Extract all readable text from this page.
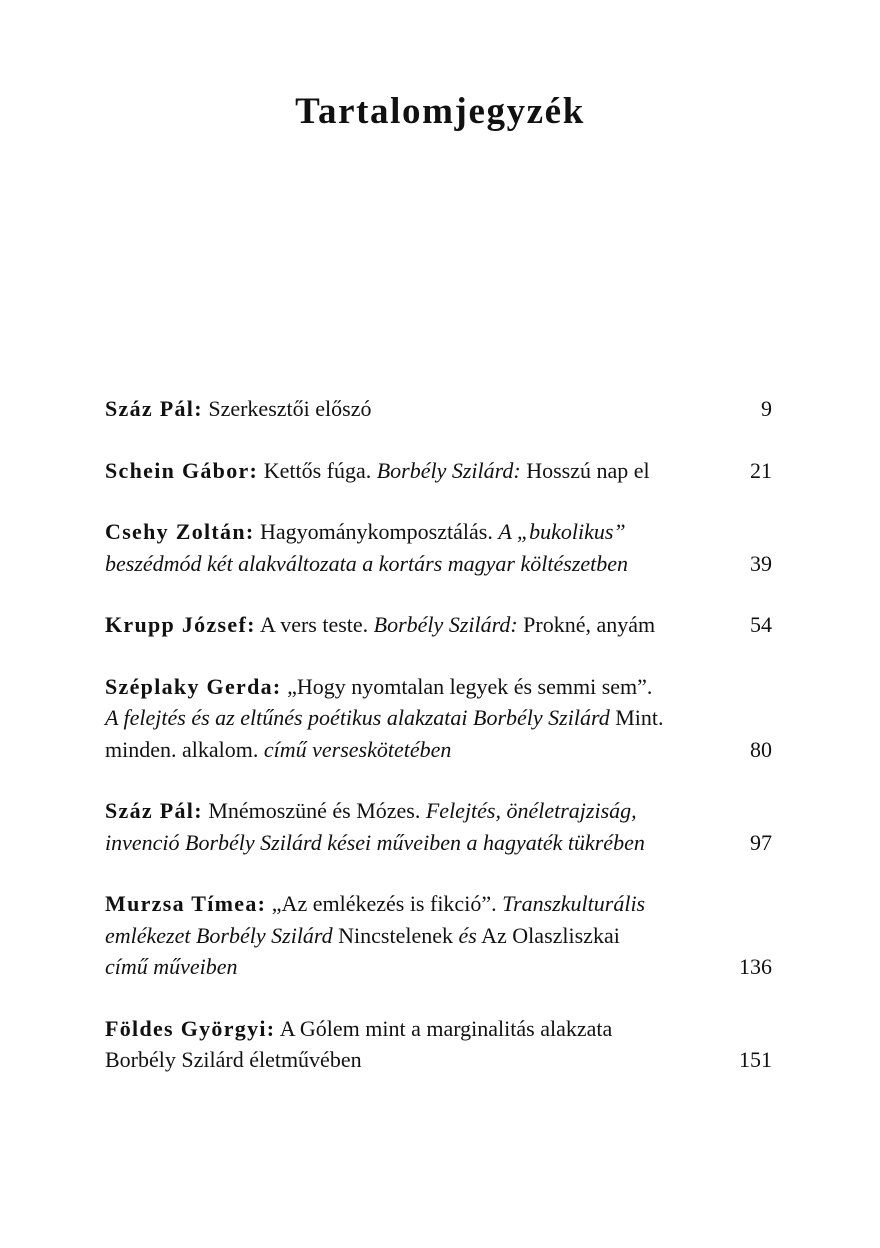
Tartalomjegyzék
Száz Pál: Szerkesztői előszó	9
Schein Gábor: Kettős fúga. Borbély Szilárd: Hosszú nap el	21
Csehy Zoltán: Hagyománykomposztálás. A „bukolikus”
beszédmód két alakváltozata a kortárs magyar költészetben	39
Krupp József: A vers teste. Borbély Szilárd: Prokné, anyám	54
Széplaky Gerda: „Hogy nyomtalan legyek és semmi sem”.
A felejtés és az eltűnés poétikus alakzatai Borbély Szilárd Mint.
minden. alkalom. című verseskötetében	80
Száz Pál: Mnémoszüné és Mózes. Felejtés, önéletrajziság,
invenció Borbély Szilárd kései műveiben a hagyaték tükrében	97
Murzsa Tímea: „Az emlékezés is fikció”. Transzkulturális
emlékezet Borbély Szilárd Nincstelenek és Az Olaszliszkai
című műveiben	136
Földes Györgyi: A Gólem mint a marginalitás alakzata
Borbély Szilárd életművében	151
